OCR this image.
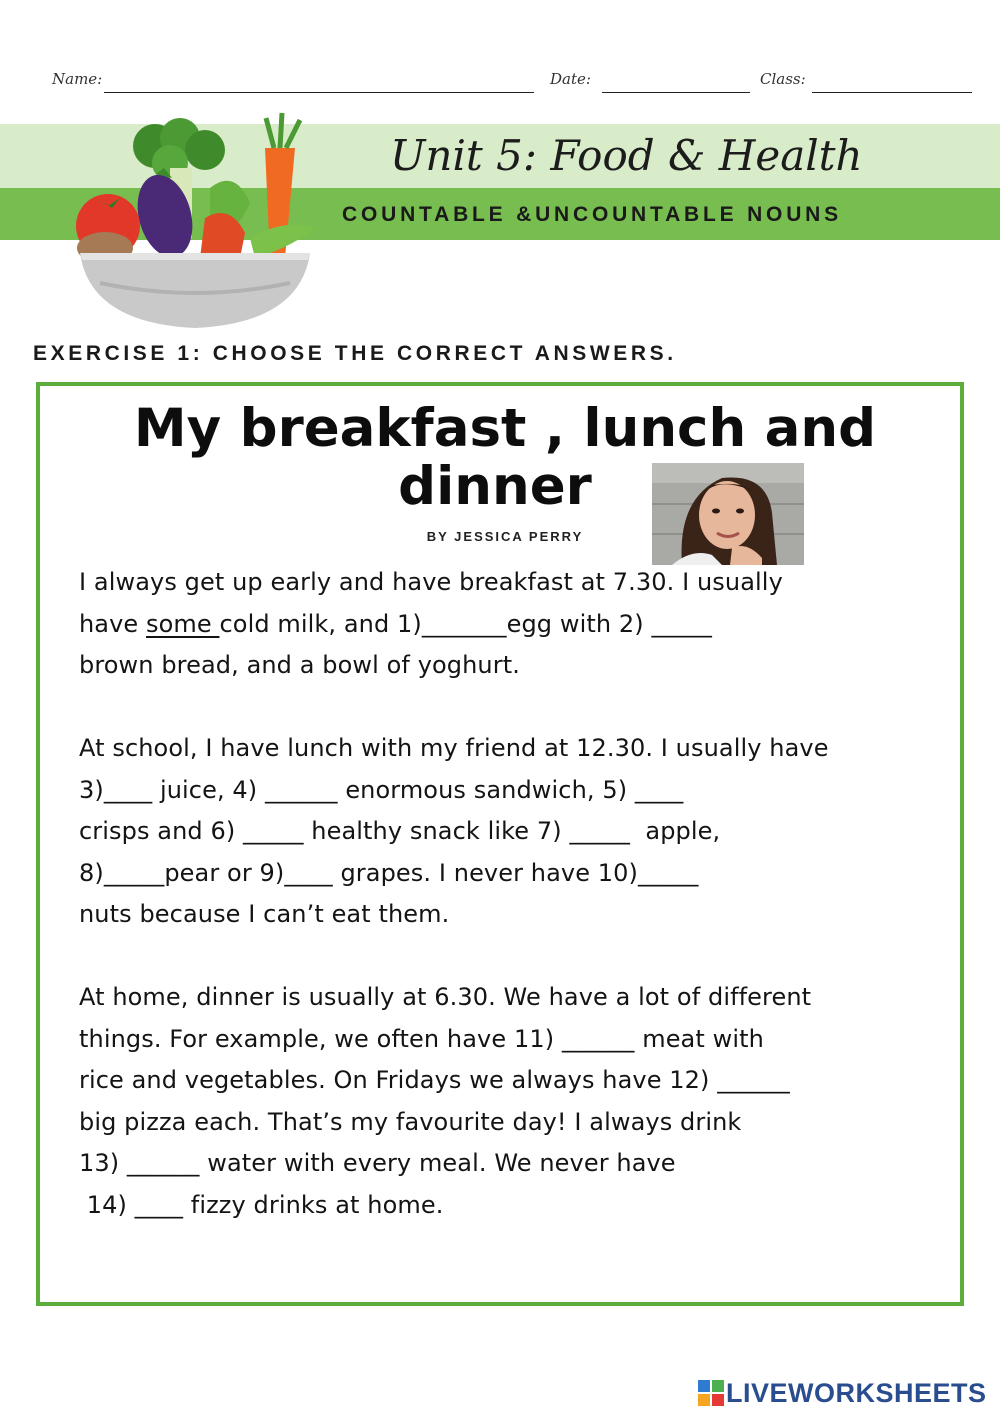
Name:	Date:	Class:
Unit 5: Food & Health
COUNTABLE &UNCOUNTABLE NOUNS
EXERCISE 1: CHOOSE THE CORRECT ANSWERS.
My breakfast , lunch and
dinner
BY JESSICA PERRY
I always get up early and have breakfast at 7.30. I usually
have some cold milk, and 1)_______egg with 2) _____
brown bread, and a bowl of yoghurt.
At school, I have lunch with my friend at 12.30. I usually have
3)____ juice, 4) ______ enormous sandwich, 5) ____
crisps and 6) _____ healthy snack like 7) _____  apple,
8)_____pear or 9)____ grapes. I never have 10)_____
nuts because I can’t eat them.
At home, dinner is usually at 6.30. We have a lot of different
things. For example, we often have 11) ______ meat with
rice and vegetables. On Fridays we always have 12) ______
big pizza each. That’s my favourite day! I always drink
13) ______ water with every meal. We never have
14) ____ fizzy drinks at home.
LIVEWORKSHEETS
